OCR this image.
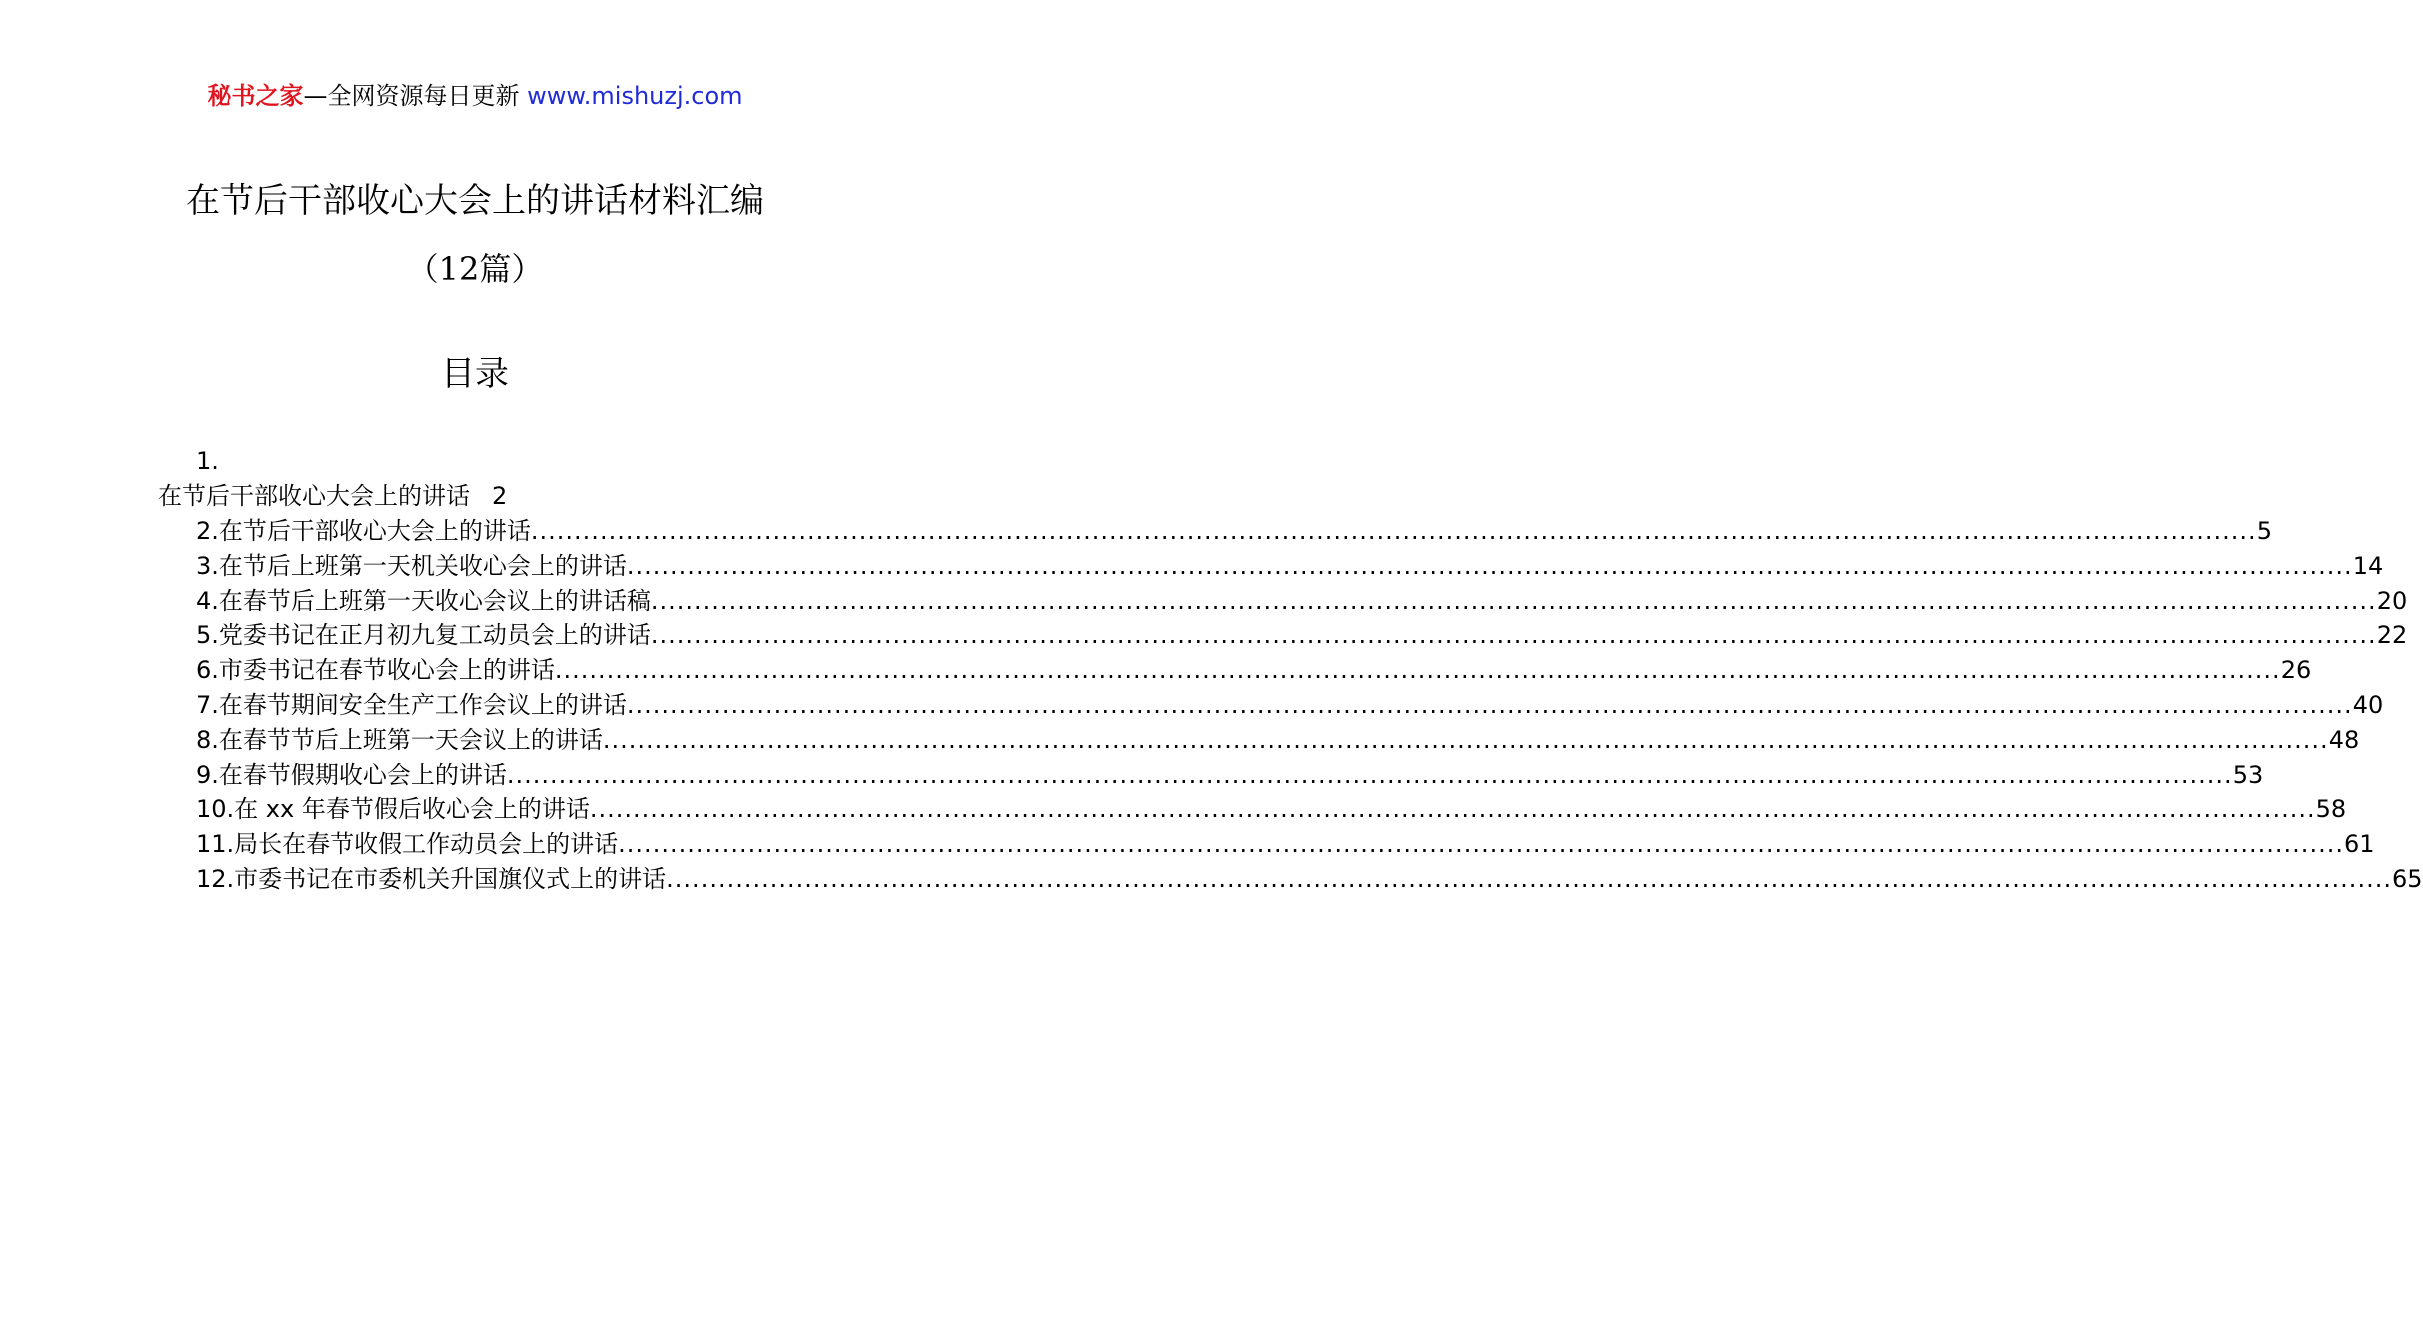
秘书之家—全网资源每日更新 www.mishuzj.com
在节后干部收心大会上的讲话材料汇编
（12篇）
目录
1.
在节后干部收心大会上的讲话 2
2.在节后干部收心大会上的讲话 ........................................................................................................................................................................................................ 5
3.在节后上班第一天机关收心会上的讲话 ........................................................................................................................................................................................................ 14
4.在春节后上班第一天收心会议上的讲话稿 ........................................................................................................................................................................................................ 20
5.党委书记在正月初九复工动员会上的讲话 ........................................................................................................................................................................................................ 22
6.市委书记在春节收心会上的讲话 ........................................................................................................................................................................................................ 26
7.在春节期间安全生产工作会议上的讲话 ........................................................................................................................................................................................................ 40
8.在春节节后上班第一天会议上的讲话 ........................................................................................................................................................................................................ 48
9.在春节假期收心会上的讲话 ........................................................................................................................................................................................................ 53
10.在 xx 年春节假后收心会上的讲话 ........................................................................................................................................................................................................ 58
11.局长在春节收假工作动员会上的讲话 ........................................................................................................................................................................................................ 61
12.市委书记在市委机关升国旗仪式上的讲话 ........................................................................................................................................................................................................ 65
